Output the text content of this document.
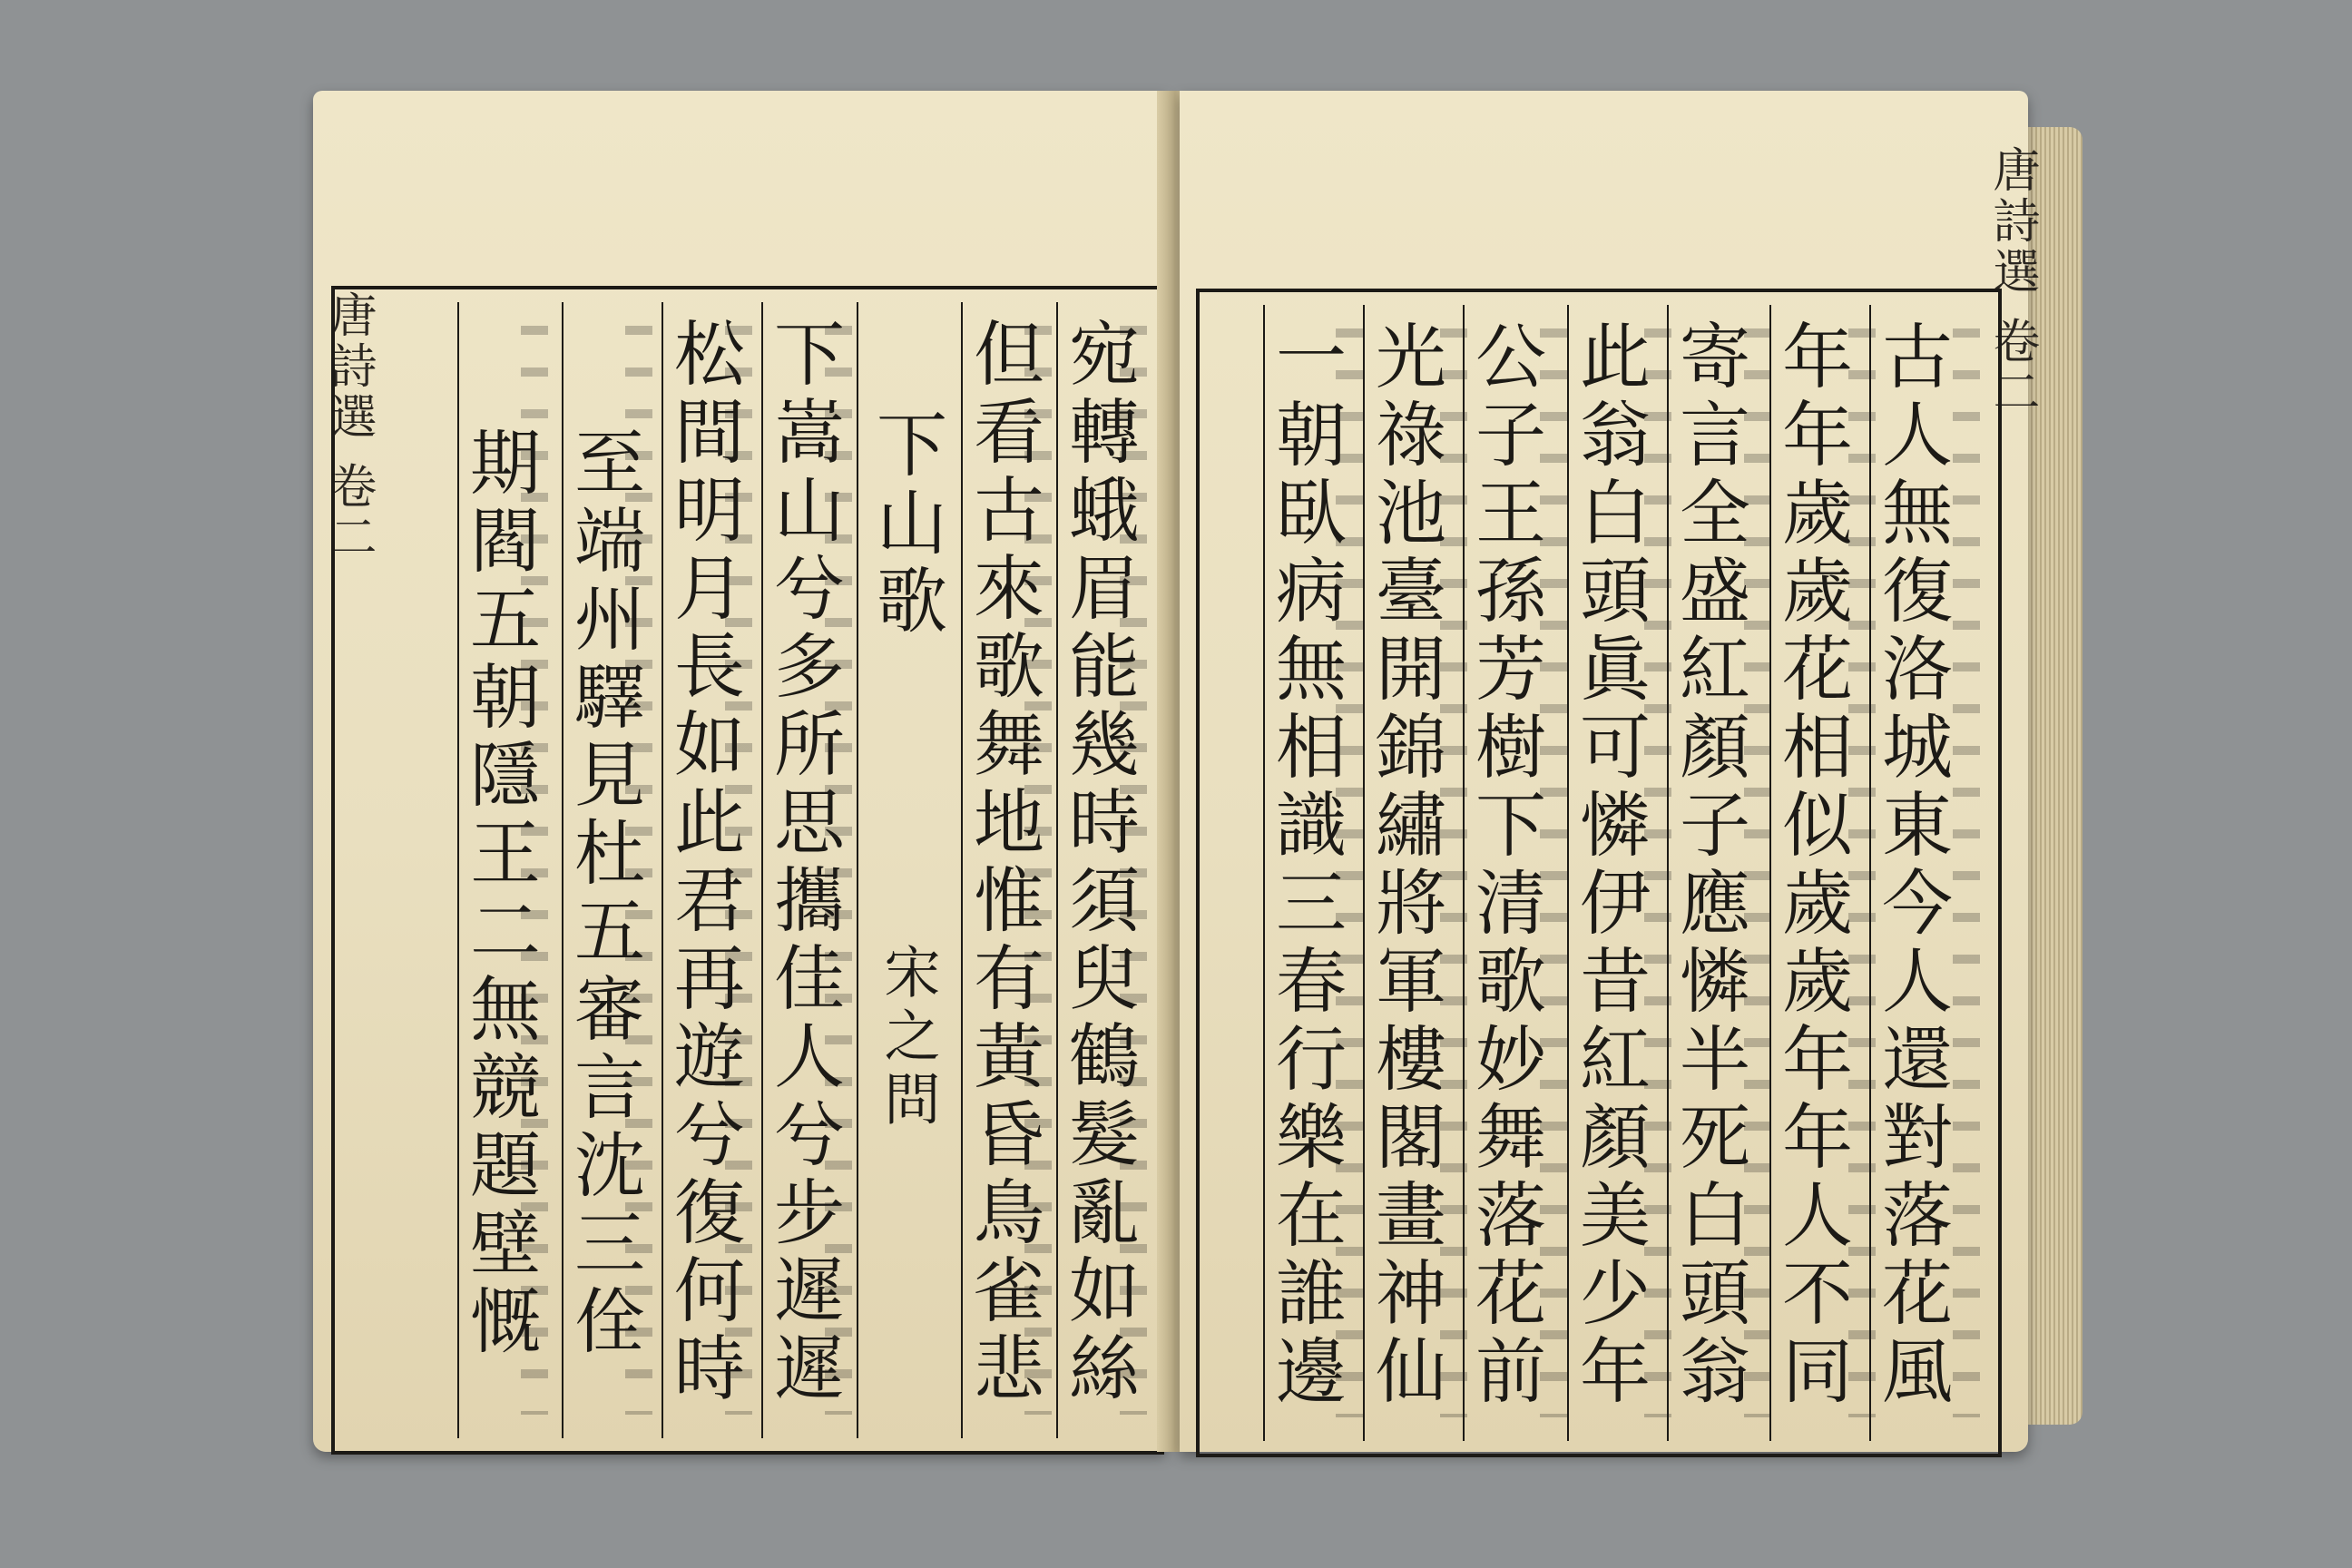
唐詩選 卷二	宛轉蛾眉能幾時須臾鶴髮亂如絲
但看古來歌舞地惟有黃昏鳥雀悲
下山歌
宋之問
下嵩山兮多所思攜佳人兮步遲遲
松間明月長如此君再遊兮復何時
至端州驛見杜五審言沈三佺
期閻五朝隱王二無競題壁慨
唐詩選 卷二
古人無復洛城東今人還對落花風
年年歲歲花相似歲歲年年人不同
寄言全盛紅顏子應憐半死白頭翁
此翁白頭眞可憐伊昔紅顏美少年
公子王孫芳樹下清歌妙舞落花前
光祿池臺開錦繡將軍樓閣畫神仙
一朝臥病無相識三春行樂在誰邊
